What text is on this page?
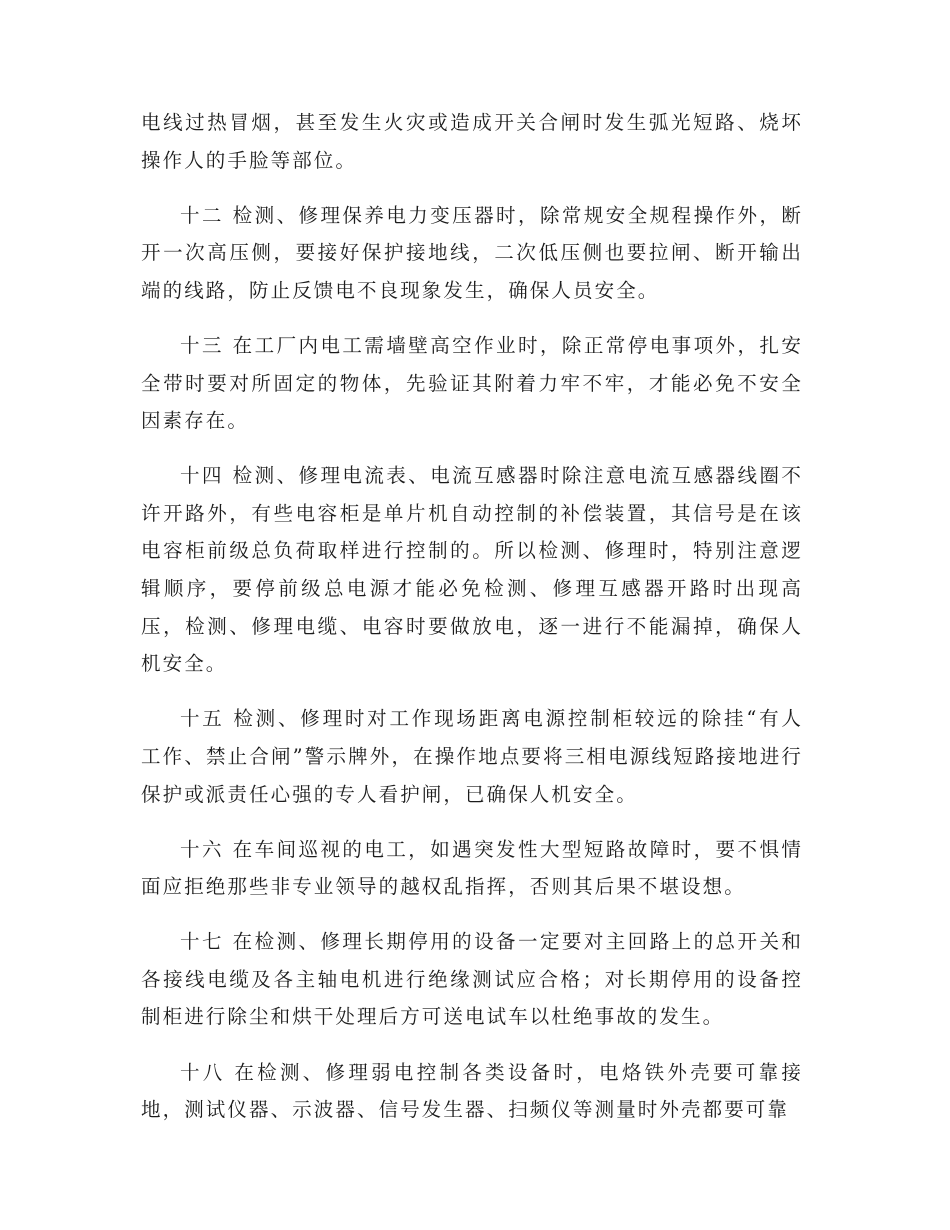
电线过热冒烟，甚至发生火灾或造成开关合闸时发生弧光短路、烧坏操作人的手脸等部位。

十二 检测、修理保养电力变压器时，除常规安全规程操作外，断开一次高压侧，要接好保护接地线，二次低压侧也要拉闸、断开输出端的线路，防止反馈电不良现象发生，确保人员安全。

十三 在工厂内电工需墙壁高空作业时，除正常停电事项外，扎安全带时要对所固定的物体，先验证其附着力牢不牢，才能必免不安全因素存在。

十四 检测、修理电流表、电流互感器时除注意电流互感器线圈不许开路外，有些电容柜是单片机自动控制的补偿装置，其信号是在该电容柜前级总负荷取样进行控制的。所以检测、修理时，特别注意逻辑顺序，要停前级总电源才能必免检测、修理互感器开路时出现高压，检测、修理电缆、电容时要做放电，逐一进行不能漏掉，确保人机安全。

十五 检测、修理时对工作现场距离电源控制柜较远的除挂“有人工作、禁止合闸”警示牌外，在操作地点要将三相电源线短路接地进行保护或派责任心强的专人看护闸，已确保人机安全。

十六 在车间巡视的电工，如遇突发性大型短路故障时，要不惧情面应拒绝那些非专业领导的越权乱指挥，否则其后果不堪设想。

十七 在检测、修理长期停用的设备一定要对主回路上的总开关和各接线电缆及各主轴电机进行绝缘测试应合格；对长期停用的设备控制柜进行除尘和烘干处理后方可送电试车以杜绝事故的发生。

十八 在检测、修理弱电控制各类设备时，电烙铁外壳要可靠接地，测试仪器、示波器、信号发生器、扫频仪等测量时外壳都要可靠
